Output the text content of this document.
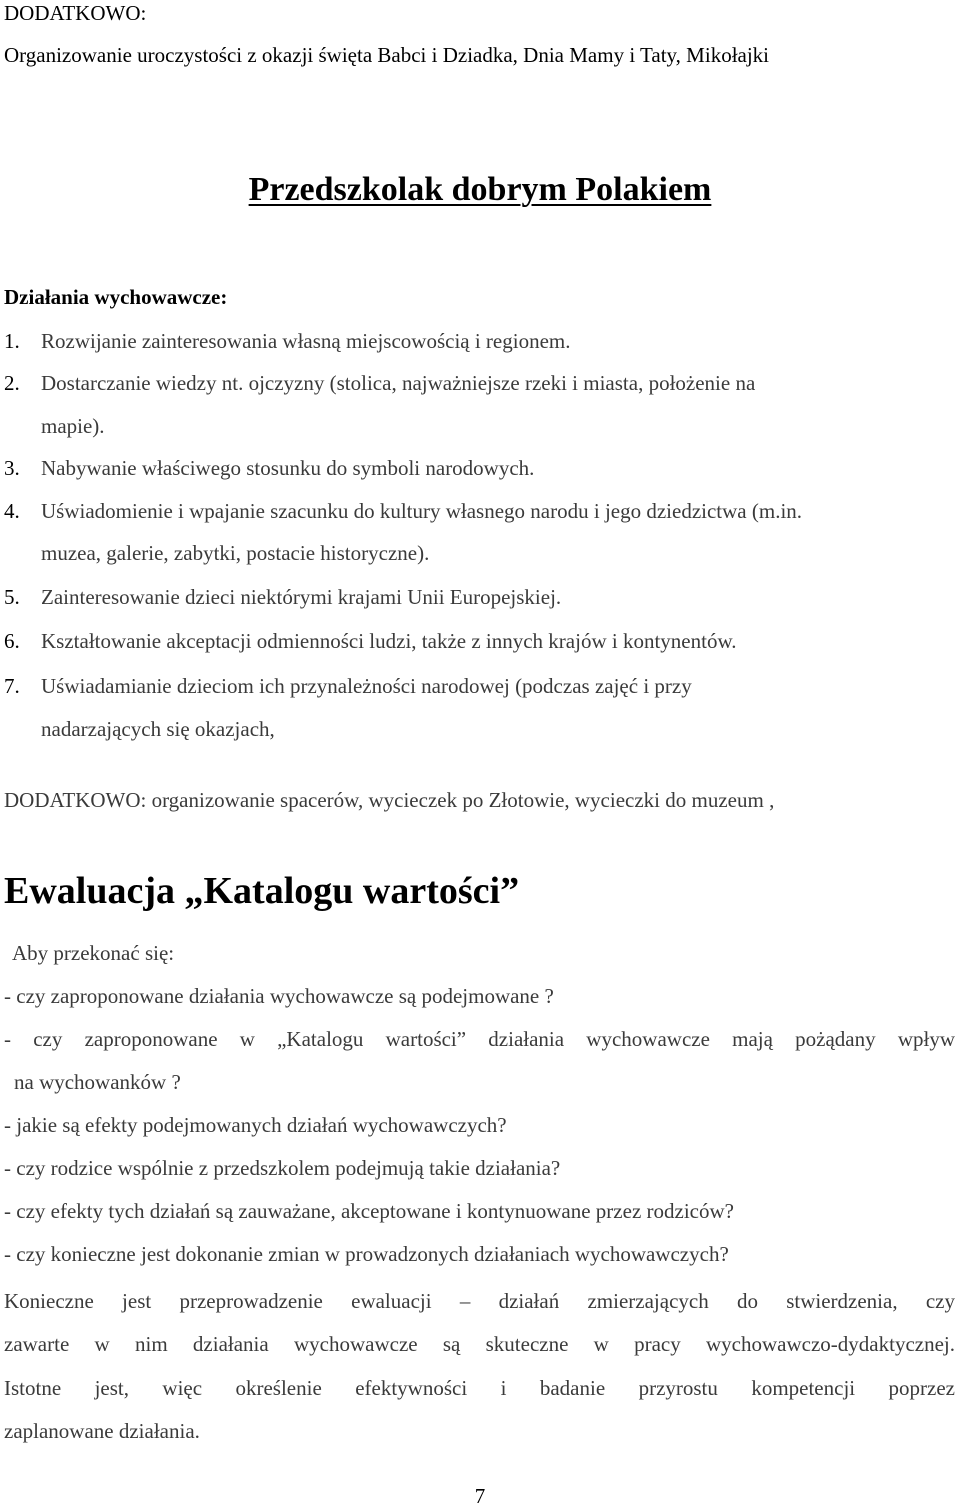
DODATKOWO:
Organizowanie uroczystości z okazji święta Babci i Dziadka, Dnia Mamy i Taty, Mikołajki
Przedszkolak dobrym Polakiem
Działania wychowawcze:
1. Rozwijanie zainteresowania własną miejscowością i regionem.
2. Dostarczanie wiedzy nt. ojczyzny (stolica, najważniejsze rzeki i miasta, położenie na
mapie).
3. Nabywanie właściwego stosunku do symboli narodowych.
4. Uświadomienie i wpajanie szacunku do kultury własnego narodu i jego dziedzictwa (m.in.
muzea, galerie, zabytki, postacie historyczne).
5. Zainteresowanie dzieci niektórymi krajami Unii Europejskiej.
6. Kształtowanie akceptacji odmienności ludzi, także z innych krajów i kontynentów.
7. Uświadamianie dzieciom ich przynależności narodowej (podczas zajęć i przy
nadarzających się okazjach,
DODATKOWO: organizowanie spacerów, wycieczek po Złotowie, wycieczki do muzeum ,
Ewaluacja „Katalogu wartości”
Aby przekonać się:
- czy zaproponowane działania wychowawcze są podejmowane ?
- czy zaproponowane w „Katalogu wartości” działania wychowawcze mają pożądany wpływ
na wychowanków ?
- jakie są efekty podejmowanych działań wychowawczych?
- czy rodzice wspólnie z przedszkolem podejmują takie działania?
- czy efekty tych działań są zauważane, akceptowane i kontynuowane przez rodziców?
- czy konieczne jest dokonanie zmian w prowadzonych działaniach wychowawczych?
Konieczne jest przeprowadzenie ewaluacji – działań zmierzających do stwierdzenia, czy
zawarte w nim działania wychowawcze są skuteczne w pracy wychowawczo-dydaktycznej.
Istotne jest, więc określenie efektywności i badanie przyrostu kompetencji poprzez
zaplanowane działania.
7
